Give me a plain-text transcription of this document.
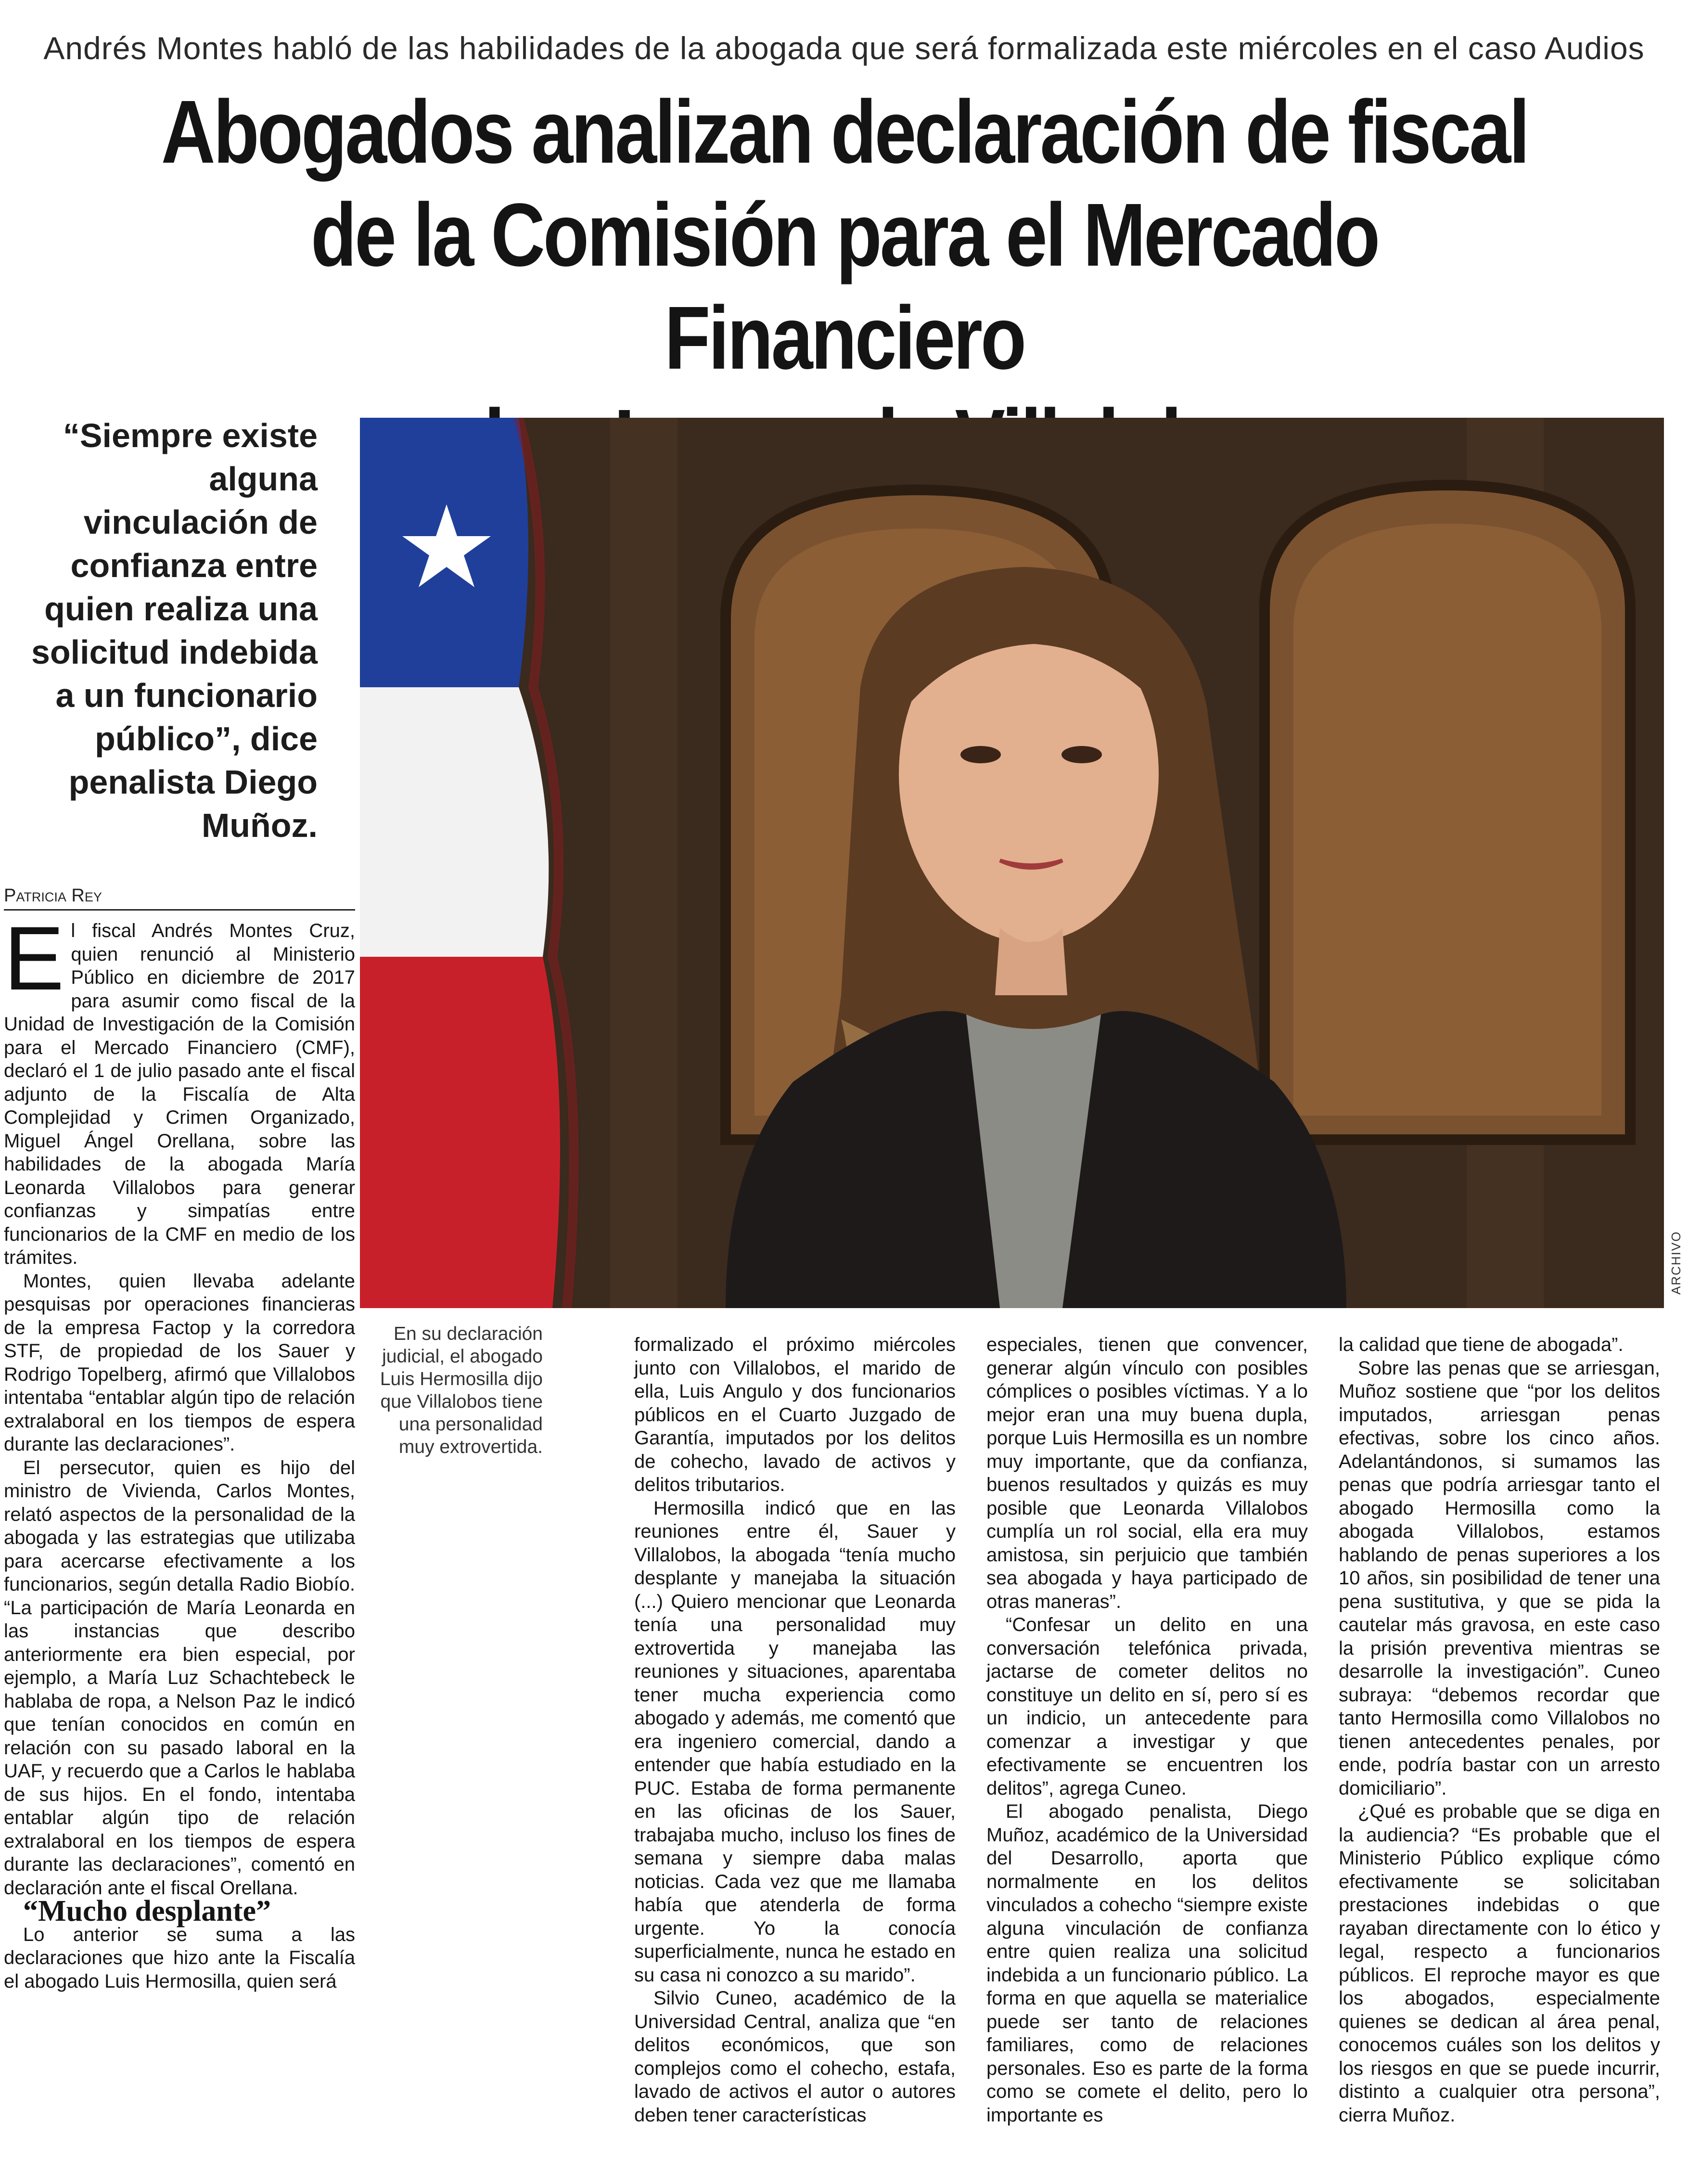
Andrés Montes habló de las habilidades de la abogada que será formalizada este miércoles en el caso Audios
Abogados analizan declaración de fiscal
de la Comisión para el Mercado Financiero
“Siempre existe alguna vinculación de confianza entre quien realiza una solicitud indebida a un funcionario público”, dice penalista Diego Muñoz.
ARCHIVO
En su declaración judicial, el abogado Luis Hermosilla dijo que Villalobos tiene una personalidad muy extrovertida.
Patricia Rey

El fiscal Andrés Montes Cruz, quien renunció al Ministerio Público en diciembre de 2017 para asumir como fiscal de la Unidad de Investigación de la Comisión para el Mercado Financiero (CMF), declaró el 1 de julio pasado ante el fiscal adjunto de la Fiscalía de Alta Complejidad y Crimen Organizado, Miguel Ángel Orellana, sobre las habilidades de la abogada María Leonarda Villalobos para generar confianzas y simpatías entre funcionarios de la CMF en medio de los trámites.

Montes, quien llevaba adelante pesquisas por operaciones financieras de la empresa Factop y la corredora STF, de propiedad de los Sauer y Rodrigo Topelberg, afirmó que Villalobos intentaba “entablar algún tipo de relación extralaboral en los tiempos de espera durante las declaraciones”.

El persecutor, quien es hijo del ministro de Vivienda, Carlos Montes, relató aspectos de la personalidad de la abogada y las estrategias que utilizaba para acercarse efectivamente a los funcionarios, según detalla Radio Biobío. “La participación de María Leonarda en las instancias que describo anteriormente era bien especial, por ejemplo, a María Luz Schachtebeck le hablaba de ropa, a Nelson Paz le indicó que tenían conocidos en común en relación con su pasado laboral en la UAF, y recuerdo que a Carlos le hablaba de sus hijos. En el fondo, intentaba entablar algún tipo de relación extralaboral en los tiempos de espera durante las declaraciones”, comentó en declaración ante el fiscal Orellana.

“Mucho desplante”

Lo anterior se suma a las declaraciones que hizo ante la Fiscalía el abogado Luis Hermosilla, quien será

formalizado el próximo miércoles junto con Villalobos, el marido de ella, Luis Angulo y dos funcionarios públicos en el Cuarto Juzgado de Garantía, imputados por los delitos de cohecho, lavado de activos y delitos tributarios.

Hermosilla indicó que en las reuniones entre él, Sauer y Villalobos, la abogada “tenía mucho desplante y manejaba la situación (...) Quiero mencionar que Leonarda tenía una personalidad muy extrovertida y manejaba las reuniones y situaciones, aparentaba tener mucha experiencia como abogado y además, me comentó que era ingeniero comercial, dando a entender que había estudiado en la PUC. Estaba de forma permanente en las oficinas de los Sauer, trabajaba mucho, incluso los fines de semana y siempre daba malas noticias. Cada vez que me llamaba había que atenderla de forma urgente. Yo la conocía superficialmente, nunca he estado en su casa ni conozco a su marido”.

Silvio Cuneo, académico de la Universidad Central, analiza que “en delitos económicos, que son complejos como el cohecho, estafa, lavado de activos el autor o autores deben tener características

especiales, tienen que convencer, generar algún vínculo con posibles cómplices o posibles víctimas. Y a lo mejor eran una muy buena dupla, porque Luis Hermosilla es un nombre muy importante, que da confianza, buenos resultados y quizás es muy posible que Leonarda Villalobos cumplía un rol social, ella era muy amistosa, sin perjuicio que también sea abogada y haya participado de otras maneras”.

“Confesar un delito en una conversación telefónica privada, jactarse de cometer delitos no constituye un delito en sí, pero sí es un indicio, un antecedente para comenzar a investigar y que efectivamente se encuentren los delitos”, agrega Cuneo.

El abogado penalista, Diego Muñoz, académico de la Universidad del Desarrollo, aporta que normalmente en los delitos vinculados a cohecho “siempre existe alguna vinculación de confianza entre quien realiza una solicitud indebida a un funcionario público. La forma en que aquella se materialice puede ser tanto de relaciones familiares, como de relaciones personales. Eso es parte de la forma como se comete el delito, pero lo importante es

la calidad que tiene de abogada”.

Sobre las penas que se arriesgan, Muñoz sostiene que “por los delitos imputados, arriesgan penas efectivas, sobre los cinco años. Adelantándonos, si sumamos las penas que podría arriesgar tanto el abogado Hermosilla como la abogada Villalobos, estamos hablando de penas superiores a los 10 años, sin posibilidad de tener una pena sustitutiva, y que se pida la cautelar más gravosa, en este caso la prisión preventiva mientras se desarrolle la investigación”. Cuneo subraya: “debemos recordar que tanto Hermosilla como Villalobos no tienen antecedentes penales, por ende, podría bastar con un arresto domiciliario”.

¿Qué es probable que se diga en la audiencia? “Es probable que el Ministerio Público explique cómo efectivamente se solicitaban prestaciones indebidas o que rayaban directamente con lo ético y legal, respecto a funcionarios públicos. El reproche mayor es que los abogados, especialmente quienes se dedican al área penal, conocemos cuáles son los delitos y los riesgos en que se puede incurrir, distinto a cualquier otra persona”, cierra Muñoz.
